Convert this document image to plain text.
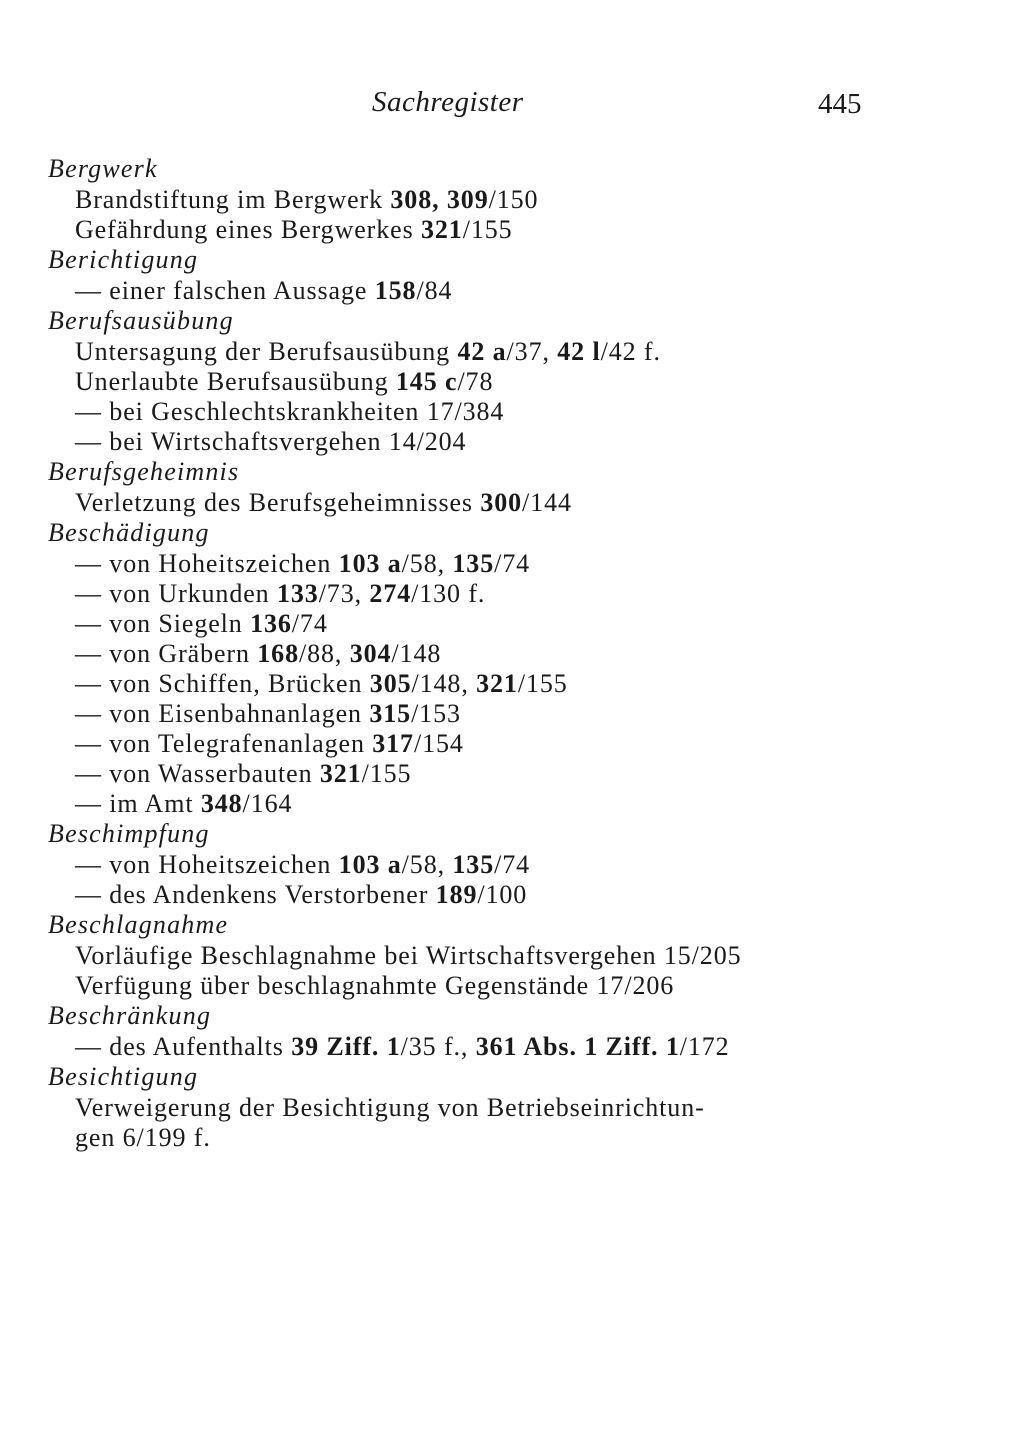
Sachregister	445
Bergwerk
Brandstiftung im Bergwerk 308, 309/150
Gefährdung eines Bergwerkes 321/155
Berichtigung
— einer falschen Aussage 158/84
Berufsausübung
Untersagung der Berufsausübung 42 a/37, 42 l/42 f.
Unerlaubte Berufsausübung 145 c/78
— bei Geschlechtskrankheiten 17/384
— bei Wirtschaftsvergehen 14/204
Berufsgeheimnis
Verletzung des Berufsgeheimnisses 300/144
Beschädigung
— von Hoheitszeichen 103 a/58, 135/74
— von Urkunden 133/73, 274/130 f.
— von Siegeln 136/74
— von Gräbern 168/88, 304/148
— von Schiffen, Brücken 305/148, 321/155
— von Eisenbahnanlagen 315/153
— von Telegrafenanlagen 317/154
— von Wasserbauten 321/155
— im Amt 348/164
Beschimpfung
— von Hoheitszeichen 103 a/58, 135/74
— des Andenkens Verstorbener 189/100
Beschlagnahme
Vorläufige Beschlagnahme bei Wirtschaftsvergehen 15/205
Verfügung über beschlagnahmte Gegenstände 17/206
Beschränkung
— des Aufenthalts 39 Ziff. 1/35 f., 361 Abs. 1 Ziff. 1/172
Besichtigung
Verweigerung der Besichtigung von Betriebseinrichtun-
gen 6/199 f.
